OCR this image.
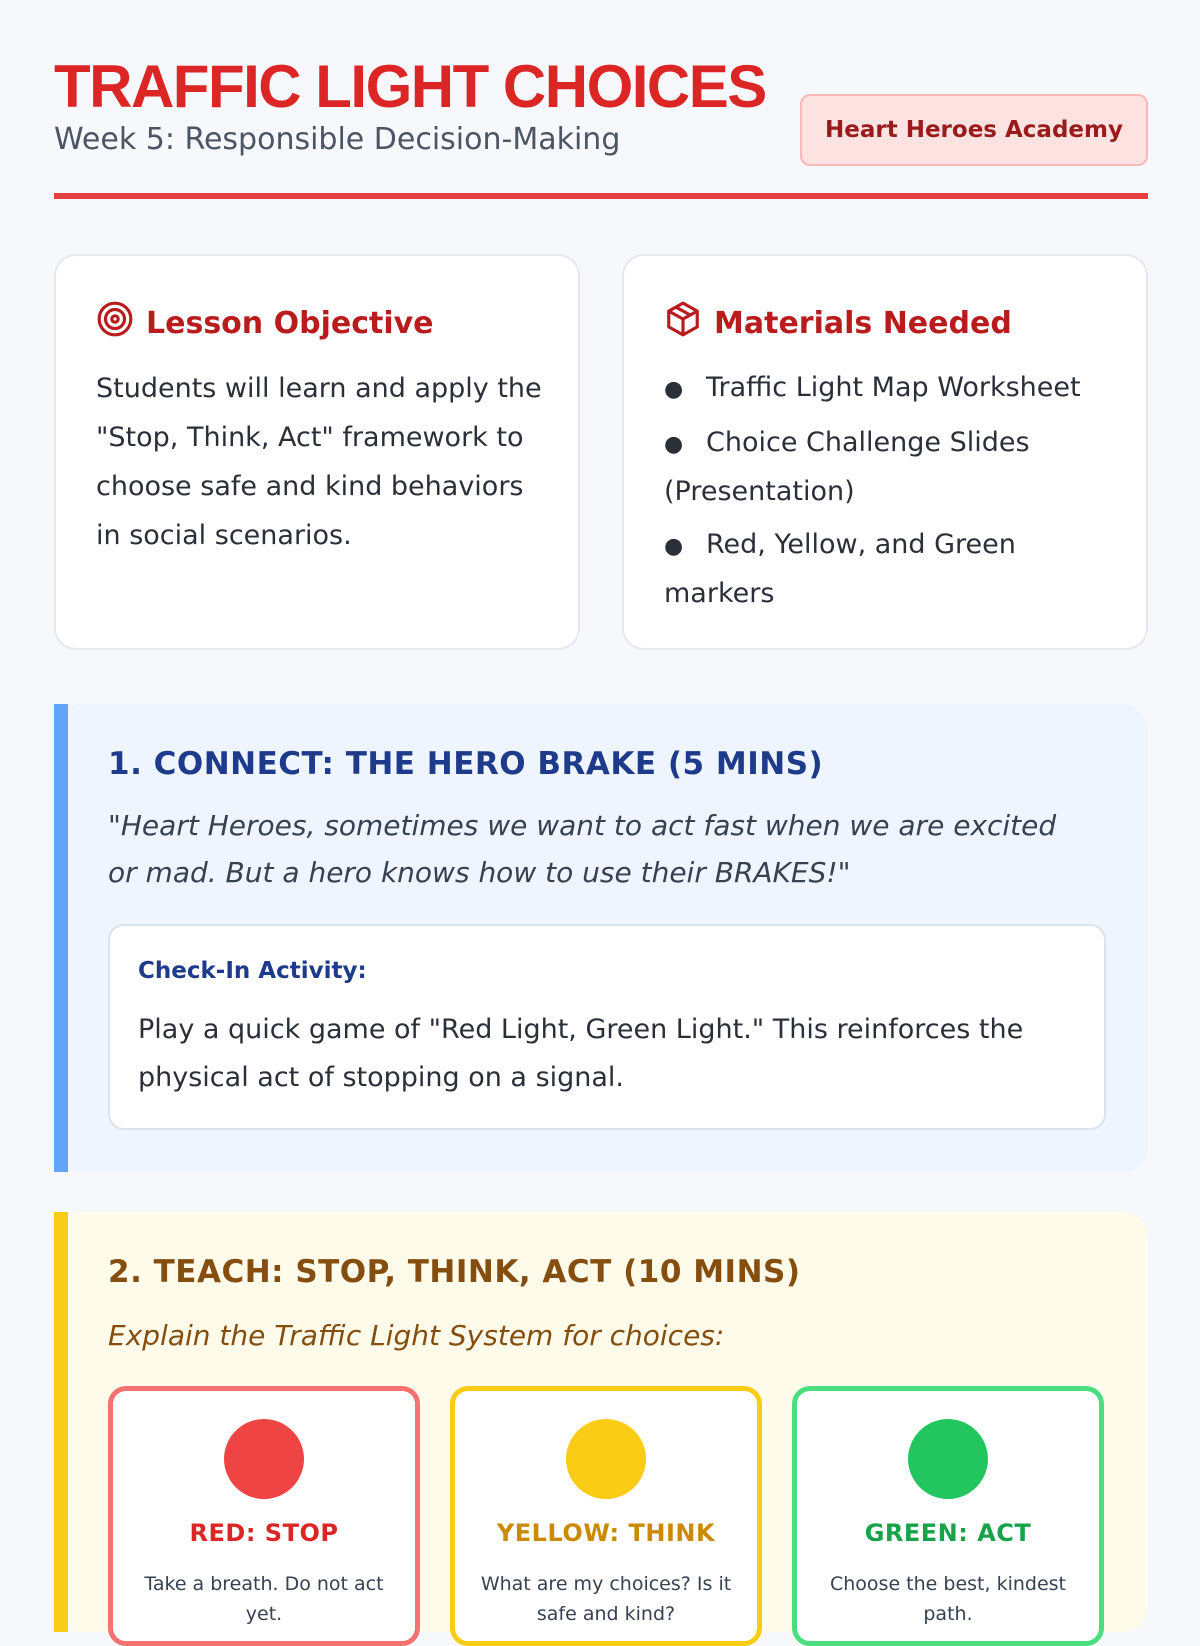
TRAFFIC LIGHT CHOICES
Week 5: Responsible Decision-Making	Heart Heroes Academy
Lesson Objective

Students will learn and apply the "Stop, Think, Act" framework to choose safe and kind behaviors in social scenarios.

Materials Needed
● Traffic Light Map Worksheet
● Choice Challenge Slides (Presentation)
● Red, Yellow, and Green markers
1. CONNECT: THE HERO BRAKE (5 MINS)

"Heart Heroes, sometimes we want to act fast when we are excited or mad. But a hero knows how to use their BRAKES!"

Check-In Activity:

Play a quick game of "Red Light, Green Light." This reinforces the physical act of stopping on a signal.

2. TEACH: STOP, THINK, ACT (10 MINS)

Explain the Traffic Light System for choices:

RED: STOP

Take a breath. Do not act yet.

YELLOW: THINK

What are my choices? Is it safe and kind?

GREEN: ACT

Choose the best, kindest path.
